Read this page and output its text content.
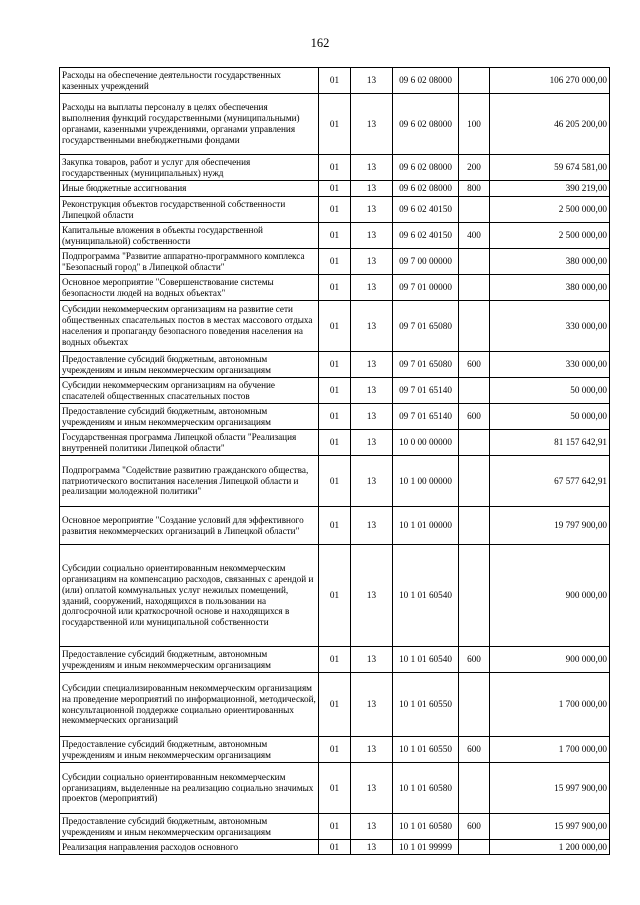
162
Расходы на обеспечение деятельности государственных казенных учреждений	01	13	09 6 02 08000		106 270 000,00
Расходы на выплаты персоналу в целях обеспечения выполнения функций государственными (муниципальными) органами, казенными учреждениями, органами управления государственными внебюджетными фондами	01	13	09 6 02 08000	100	46 205 200,00
Закупка товаров, работ и услуг для обеспечения государственных (муниципальных) нужд	01	13	09 6 02 08000	200	59 674 581,00
Иные бюджетные ассигнования	01	13	09 6 02 08000	800	390 219,00
Реконструкция объектов государственной собственности Липецкой области	01	13	09 6 02 40150		2 500 000,00
Капитальные вложения в объекты государственной (муниципальной) собственности	01	13	09 6 02 40150	400	2 500 000,00
Подпрограмма "Развитие аппаратно-программного комплекса "Безопасный город" в Липецкой области"	01	13	09 7 00 00000		380 000,00
Основное мероприятие "Совершенствование системы безопасности людей на водных объектах"	01	13	09 7 01 00000		380 000,00
Субсидии некоммерческим организациям на развитие сети общественных спасательных постов в местах массового отдыха населения и пропаганду безопасного поведения населения на водных объектах	01	13	09 7 01 65080		330 000,00
Предоставление субсидий бюджетным, автономным учреждениям и иным некоммерческим организациям	01	13	09 7 01 65080	600	330 000,00
Субсидии некоммерческим организациям на обучение спасателей общественных спасательных постов	01	13	09 7 01 65140		50 000,00
Предоставление субсидий бюджетным, автономным учреждениям и иным некоммерческим организациям	01	13	09 7 01 65140	600	50 000,00
Государственная программа Липецкой области "Реализация внутренней политики Липецкой области"	01	13	10 0 00 00000		81 157 642,91
Подпрограмма "Содействие развитию гражданского общества, патриотического воспитания населения Липецкой области и реализации молодежной политики"	01	13	10 1 00 00000		67 577 642,91
Основное мероприятие "Создание условий для эффективного развития некоммерческих организаций в Липецкой области"	01	13	10 1 01 00000		19 797 900,00
Субсидии социально ориентированным некоммерческим организациям на компенсацию расходов, связанных с арендой и (или) оплатой коммунальных услуг нежилых помещений, зданий, сооружений, находящихся в пользовании на долгосрочной или краткосрочной основе и находящихся в государственной или муниципальной собственности	01	13	10 1 01 60540		900 000,00
Предоставление субсидий бюджетным, автономным учреждениям и иным некоммерческим организациям	01	13	10 1 01 60540	600	900 000,00
Субсидии специализированным некоммерческим организациям на проведение мероприятий по информационной, методической, консультационной поддержке социально ориентированных некоммерческих организаций	01	13	10 1 01 60550		1 700 000,00
Предоставление субсидий бюджетным, автономным учреждениям и иным некоммерческим организациям	01	13	10 1 01 60550	600	1 700 000,00
Субсидии социально ориентированным некоммерческим организациям, выделенные на реализацию социально значимых проектов (мероприятий)	01	13	10 1 01 60580		15 997 900,00
Предоставление субсидий бюджетным, автономным учреждениям и иным некоммерческим организациям	01	13	10 1 01 60580	600	15 997 900,00
Реализация направления расходов основного	01	13	10 1 01 99999		1 200 000,00
